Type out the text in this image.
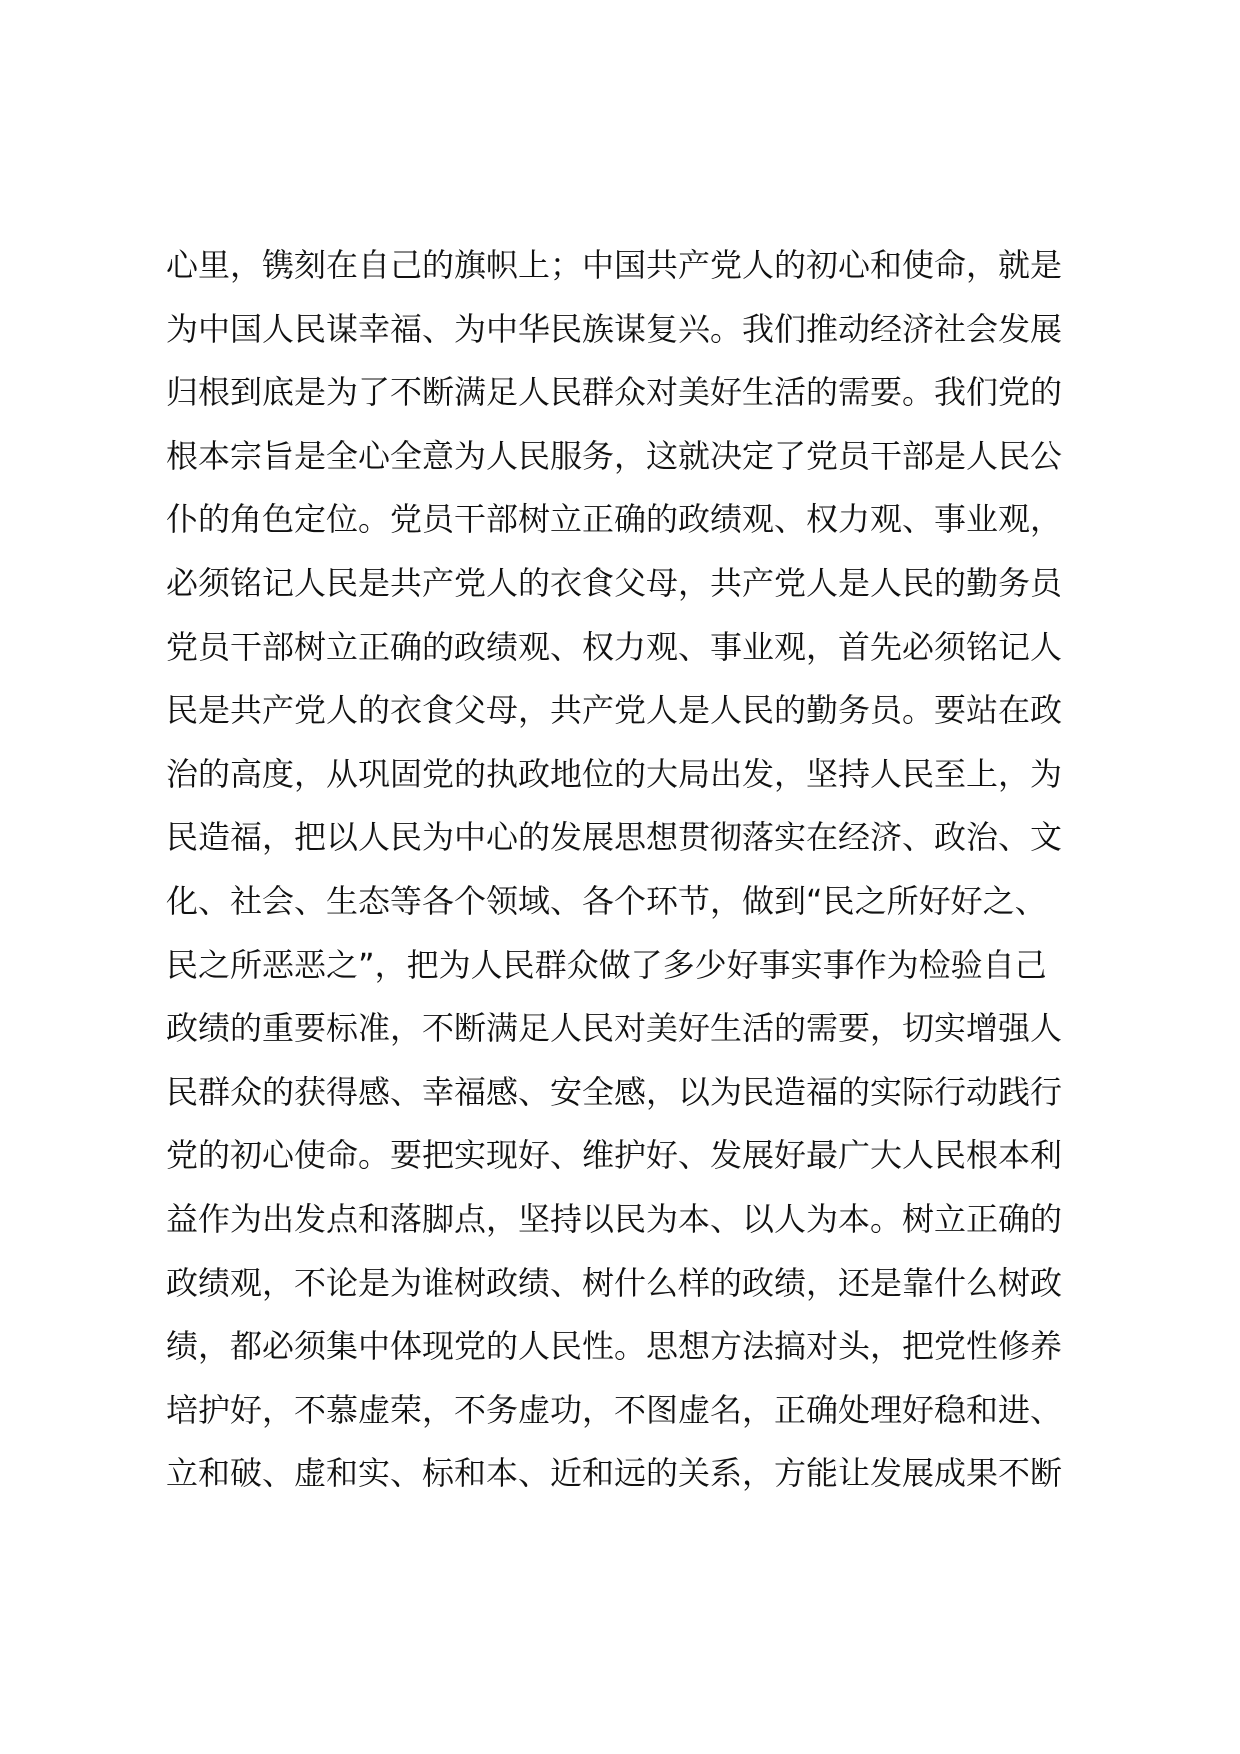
心里，镌刻在自己的旗帜上；中国共产党人的初心和使命，就是
为中国人民谋幸福、为中华民族谋复兴。我们推动经济社会发展
归根到底是为了不断满足人民群众对美好生活的需要。我们党的
根本宗旨是全心全意为人民服务，这就决定了党员干部是人民公
仆的角色定位。党员干部树立正确的政绩观、权力观、事业观，
必须铭记人民是共产党人的衣食父母，共产党人是人民的勤务员
党员干部树立正确的政绩观、权力观、事业观，首先必须铭记人
民是共产党人的衣食父母，共产党人是人民的勤务员。要站在政
治的高度，从巩固党的执政地位的大局出发，坚持人民至上，为
民造福，把以人民为中心的发展思想贯彻落实在经济、政治、文
化、社会、生态等各个领域、各个环节，做到“民之所好好之、
民之所恶恶之”，把为人民群众做了多少好事实事作为检验自己
政绩的重要标准，不断满足人民对美好生活的需要，切实增强人
民群众的获得感、幸福感、安全感，以为民造福的实际行动践行
党的初心使命。要把实现好、维护好、发展好最广大人民根本利
益作为出发点和落脚点，坚持以民为本、以人为本。树立正确的
政绩观，不论是为谁树政绩、树什么样的政绩，还是靠什么树政
绩，都必须集中体现党的人民性。思想方法搞对头，把党性修养
培护好，不慕虚荣，不务虚功，不图虚名，正确处理好稳和进、
立和破、虚和实、标和本、近和远的关系，方能让发展成果不断
